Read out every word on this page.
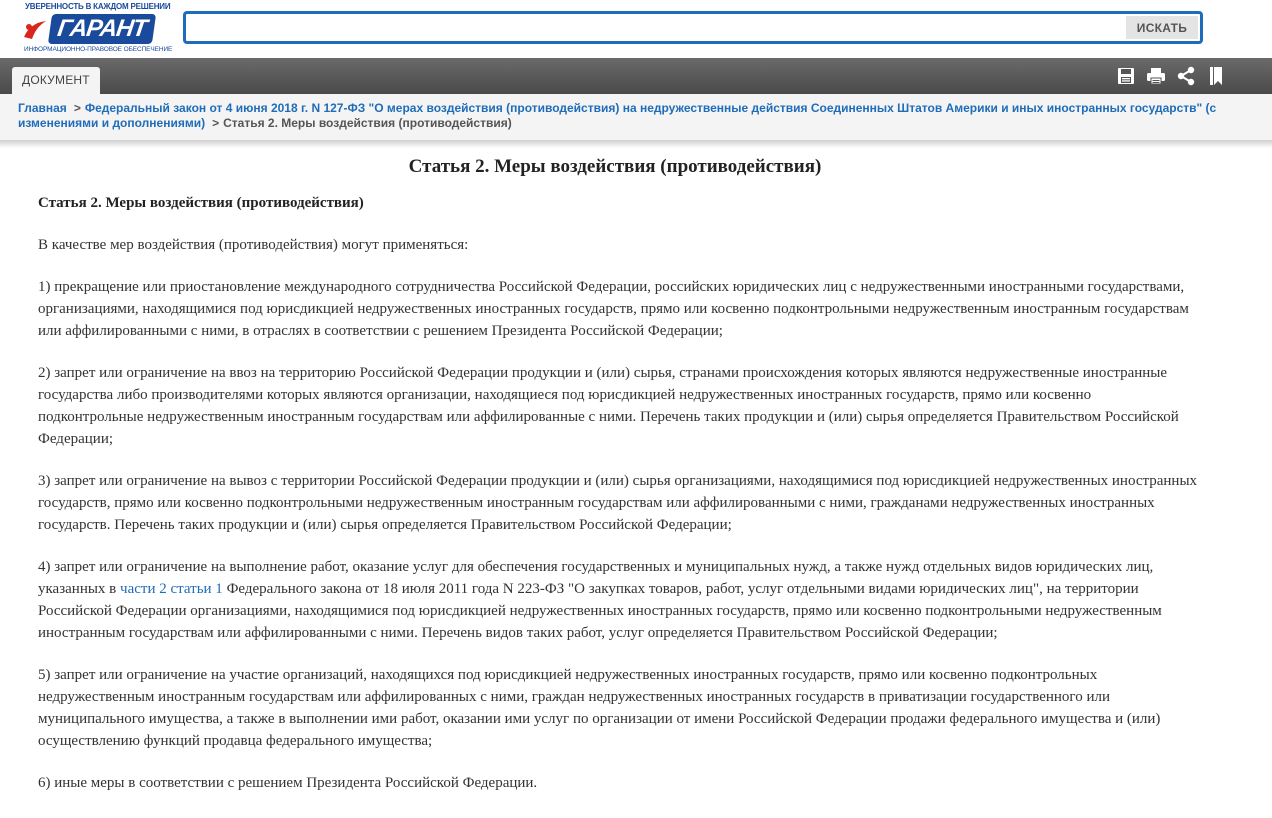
УВЕРЕННОСТЬ В КАЖДОМ РЕШЕНИИ
ГАРАНТ
ИНФОРМАЦИОННО-ПРАВОВОЕ ОБЕСПЕЧЕНИЕ
ИСКАТЬ
ДОКУМЕНТ
Главная > Федеральный закон от 4 июня 2018 г. N 127-ФЗ "О мерах воздействия (противодействия) на недружественные действия Соединенных Штатов Америки и иных иностранных государств" (с изменениями и дополнениями) > Статья 2. Меры воздействия (противодействия)
Статья 2. Меры воздействия (противодействия)
Статья 2. Меры воздействия (противодействия)

В качестве мер воздействия (противодействия) могут применяться:

1) прекращение или приостановление международного сотрудничества Российской Федерации, российских юридических лиц с недружественными иностранными государствами, организациями, находящимися под юрисдикцией недружественных иностранных государств, прямо или косвенно подконтрольными недружественным иностранным государствам или аффилированными с ними, в отраслях в соответствии с решением Президента Российской Федерации;

2) запрет или ограничение на ввоз на территорию Российской Федерации продукции и (или) сырья, странами происхождения которых являются недружественные иностранные государства либо производителями которых являются организации, находящиеся под юрисдикцией недружественных иностранных государств, прямо или косвенно подконтрольные недружественным иностранным государствам или аффилированные с ними. Перечень таких продукции и (или) сырья определяется Правительством Российской Федерации;

3) запрет или ограничение на вывоз с территории Российской Федерации продукции и (или) сырья организациями, находящимися под юрисдикцией недружественных иностранных государств, прямо или косвенно подконтрольными недружественным иностранным государствам или аффилированными с ними, гражданами недружественных иностранных государств. Перечень таких продукции и (или) сырья определяется Правительством Российской Федерации;

4) запрет или ограничение на выполнение работ, оказание услуг для обеспечения государственных и муниципальных нужд, а также нужд отдельных видов юридических лиц, указанных в части 2 статьи 1 Федерального закона от 18 июля 2011 года N 223-ФЗ "О закупках товаров, работ, услуг отдельными видами юридических лиц", на территории Российской Федерации организациями, находящимися под юрисдикцией недружественных иностранных государств, прямо или косвенно подконтрольными недружественным иностранным государствам или аффилированными с ними. Перечень видов таких работ, услуг определяется Правительством Российской Федерации;

5) запрет или ограничение на участие организаций, находящихся под юрисдикцией недружественных иностранных государств, прямо или косвенно подконтрольных недружественным иностранным государствам или аффилированных с ними, граждан недружественных иностранных государств в приватизации государственного или муниципального имущества, а также в выполнении ими работ, оказании ими услуг по организации от имени Российской Федерации продажи федерального имущества и (или) осуществлению функций продавца федерального имущества;

6) иные меры в соответствии с решением Президента Российской Федерации.
